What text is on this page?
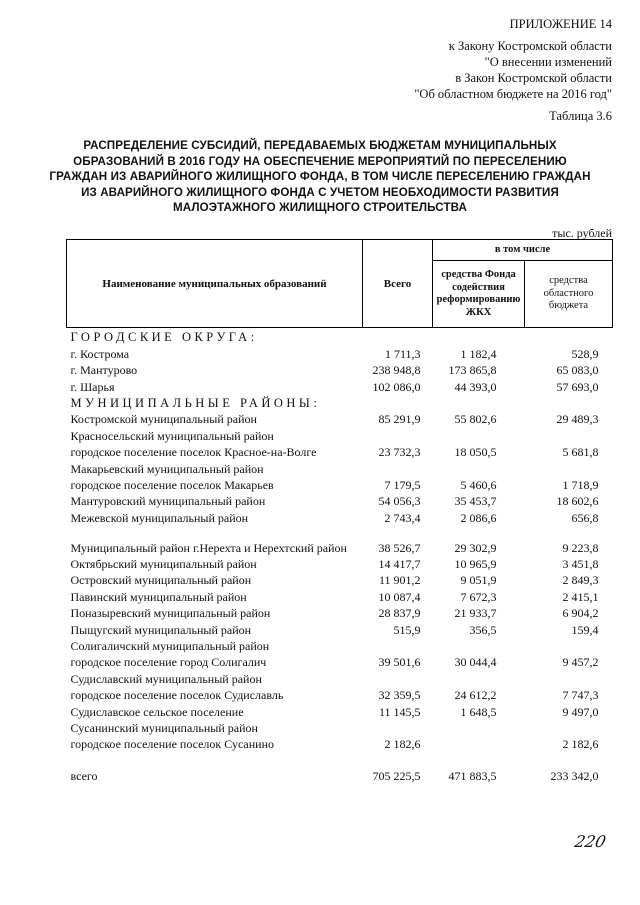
ПРИЛОЖЕНИЕ 14
к Закону Костромской области
"О внесении изменений
в Закон Костромской области
"Об областном бюджете на 2016 год"
Таблица 3.6
РАСПРЕДЕЛЕНИЕ СУБСИДИЙ, ПЕРЕДАВАЕМЫХ БЮДЖЕТАМ МУНИЦИПАЛЬНЫХ
ОБРАЗОВАНИЙ В 2016 ГОДУ НА ОБЕСПЕЧЕНИЕ МЕРОПРИЯТИЙ ПО ПЕРЕСЕЛЕНИЮ
ГРАЖДАН ИЗ АВАРИЙНОГО ЖИЛИЩНОГО ФОНДА, В ТОМ ЧИСЛЕ ПЕРЕСЕЛЕНИЮ ГРАЖДАН
ИЗ АВАРИЙНОГО ЖИЛИЩНОГО ФОНДА С УЧЕТОМ НЕОБХОДИМОСТИ РАЗВИТИЯ
МАЛОЭТАЖНОГО ЖИЛИЩНОГО СТРОИТЕЛЬСТВА
тыс. рублей
Наименование муниципальных образований	Всего	в том числе	
		средства Фонда содействия реформированию ЖКХ	средства областного бюджета
ГОРОДСКИЕ ОКРУГА:			
г. Кострома	1 711,3	1 182,4	528,9
г. Мантурово	238 948,8	173 865,8	65 083,0
г. Шарья	102 086,0	44 393,0	57 693,0
МУНИЦИПАЛЬНЫЕ РАЙОНЫ:			
Костромской муниципальный район	85 291,9	55 802,6	29 489,3
Красносельский муниципальный район			
городское поселение поселок Красное-на-Волге	23 732,3	18 050,5	5 681,8
Макарьевский муниципальный район			
городское поселение поселок Макарьев	7 179,5	5 460,6	1 718,9
Мантуровский муниципальный район	54 056,3	35 453,7	18 602,6
Межевской муниципальный район	2 743,4	2 086,6	656,8
Муниципальный район г.Нерехта и Нерехтский район	38 526,7	29 302,9	9 223,8
Октябрьский муниципальный район	14 417,7	10 965,9	3 451,8
Островский муниципальный район	11 901,2	9 051,9	2 849,3
Павинский муниципальный район	10 087,4	7 672,3	2 415,1
Поназыревский муниципальный район	28 837,9	21 933,7	6 904,2
Пыщугский муниципальный район	515,9	356,5	159,4
Солигаличский муниципальный район			
городское поселение город Солигалич	39 501,6	30 044,4	9 457,2
Судиславский муниципальный район			
городское поселение поселок Судиславль	32 359,5	24 612,2	7 747,3
Судиславское сельское поселение	11 145,5	1 648,5	9 497,0
Сусанинский муниципальный район			
городское поселение поселок Сусанино	2 182,6		2 182,6
всего	705 225,5	471 883,5	233 342,0
220
